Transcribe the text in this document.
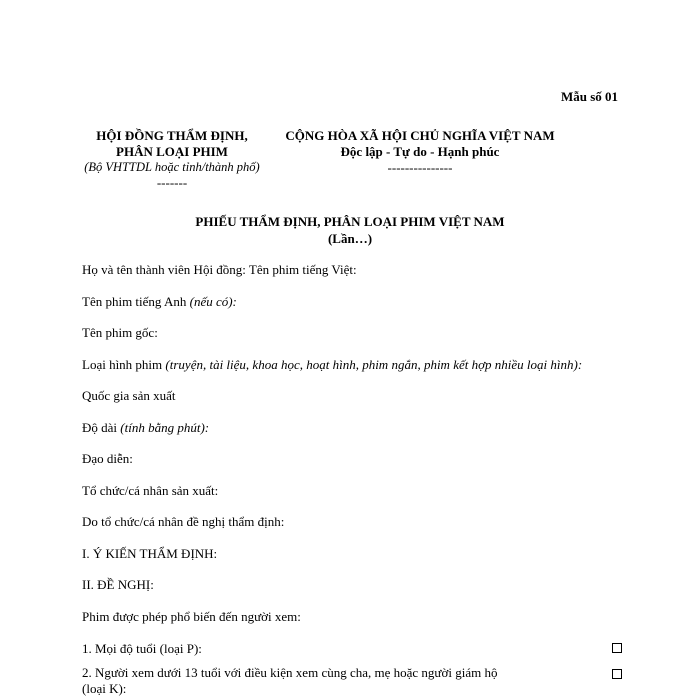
Mẫu số 01
HỘI ĐỒNG THẨM ĐỊNH,
PHÂN LOẠI PHIM
(Bộ VHTTDL hoặc tỉnh/thành phố)
-------
CỘNG HÒA XÃ HỘI CHỦ NGHĨA VIỆT NAM
Độc lập - Tự do - Hạnh phúc
---------------
PHIẾU THẨM ĐỊNH, PHÂN LOẠI PHIM VIỆT NAM
(Lần…)
Họ và tên thành viên Hội đồng: Tên phim tiếng Việt:
Tên phim tiếng Anh (nếu có):
Tên phim gốc:
Loại hình phim (truyện, tài liệu, khoa học, hoạt hình, phim ngắn, phim kết hợp nhiều loại hình):
Quốc gia sản xuất
Độ dài (tính bằng phút):
Đạo diễn:
Tổ chức/cá nhân sản xuất:
Do tổ chức/cá nhân đề nghị thẩm định:
I. Ý KIẾN THẨM ĐỊNH:
II. ĐỀ NGHỊ:
Phim được phép phổ biến đến người xem:
1. Mọi độ tuổi (loại P):
2. Người xem dưới 13 tuổi với điều kiện xem cùng cha, mẹ hoặc người giám hộ (loại K):
